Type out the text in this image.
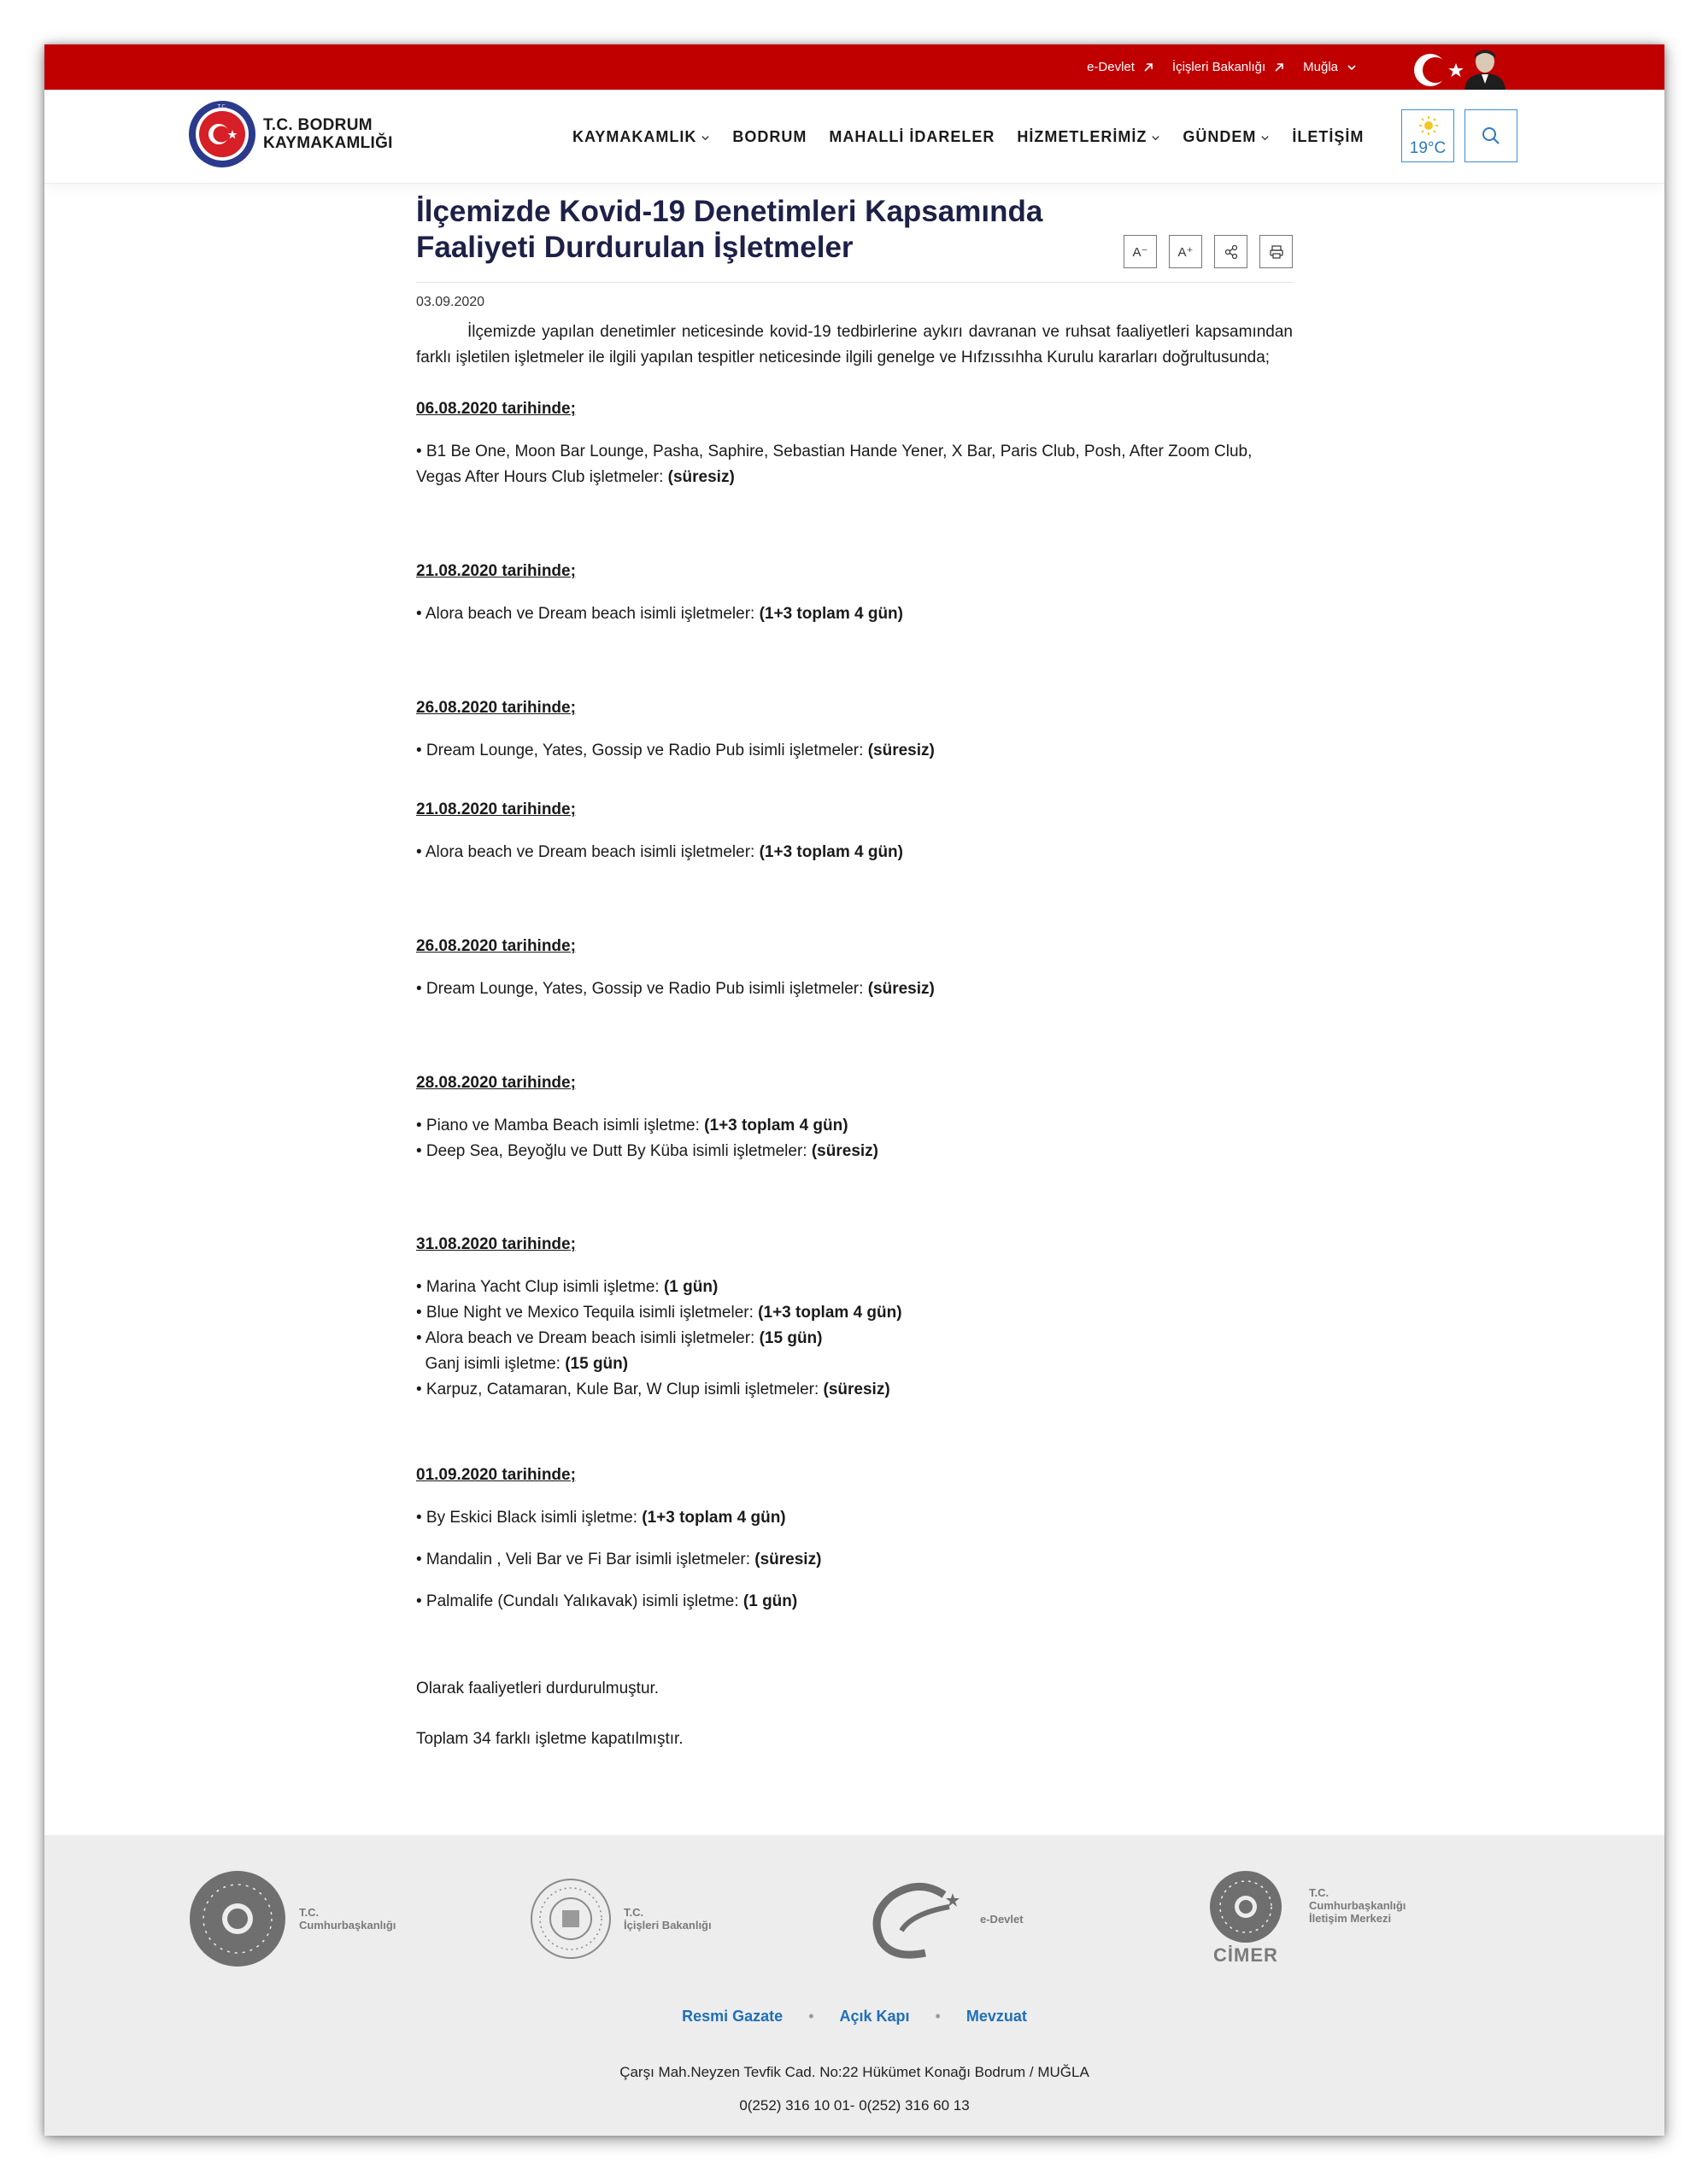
e-Devlet	İçişleri Bakanlığı	Muğla
T.C.
T.C. BODRUM
KAYMAKAMLIĞI	KAYMAKAMLIK BODRUM MAHALLİ İDARELER HİZMETLERİMİZ GÜNDEM İLETİŞİM
19°C
İlçemizde Kovid-19 Denetimleri Kapsamında Faaliyeti Durdurulan İşletmeler	A⁻ A⁺
03.09.2020

İlçemizde yapılan denetimler neticesinde kovid-19 tedbirlerine aykırı davranan ve ruhsat faaliyetleri kapsamından farklı işletilen işletmeler ile ilgili yapılan tespitler neticesinde ilgili genelge ve Hıfzıssıhha Kurulu kararları doğrultusunda;

06.08.2020 tarihinde;
• B1 Be One, Moon Bar Lounge, Pasha, Saphire, Sebastian Hande Yener, X Bar, Paris Club, Posh, After Zoom Club, Vegas After Hours Club işletmeler: (süresiz)
21.08.2020 tarihinde;
• Alora beach ve Dream beach isimli işletmeler: (1+3 toplam 4 gün)
26.08.2020 tarihinde;
• Dream Lounge, Yates, Gossip ve Radio Pub isimli işletmeler: (süresiz)
21.08.2020 tarihinde;
• Alora beach ve Dream beach isimli işletmeler: (1+3 toplam 4 gün)
26.08.2020 tarihinde;
• Dream Lounge, Yates, Gossip ve Radio Pub isimli işletmeler: (süresiz)
28.08.2020 tarihinde;
• Piano ve Mamba Beach isimli işletme: (1+3 toplam 4 gün)
• Deep Sea, Beyoğlu ve Dutt By Küba isimli işletmeler: (süresiz)
31.08.2020 tarihinde;
• Marina Yacht Clup isimli işletme: (1 gün)
• Blue Night ve Mexico Tequila isimli işletmeler: (1+3 toplam 4 gün)
• Alora beach ve Dream beach isimli işletmeler: (15 gün)
Ganj isimli işletme: (15 gün)
• Karpuz, Catamaran, Kule Bar, W Clup isimli işletmeler: (süresiz)
01.09.2020 tarihinde;
• By Eskici Black isimli işletme: (1+3 toplam 4 gün)
• Mandalin , Veli Bar ve Fi Bar isimli işletmeler: (süresiz)
• Palmalife (Cundalı Yalıkavak) isimli işletme: (1 gün)
Olarak faaliyetleri durdurulmuştur.
Toplam 34 farklı işletme kapatılmıştır.
T.C.
Cumhurbaşkanlığı
T.C.
İçişleri Bakanlığı	e-Devlet
CİMER
T.C.
Cumhurbaşkanlığı
İletişim Merkezi
Resmi Gazate • Açık Kapı • Mevzuat
Çarşı Mah.Neyzen Tevfik Cad. No:22 Hükümet Konağı Bodrum / MUĞLA
0(252) 316 10 01- 0(252) 316 60 13
